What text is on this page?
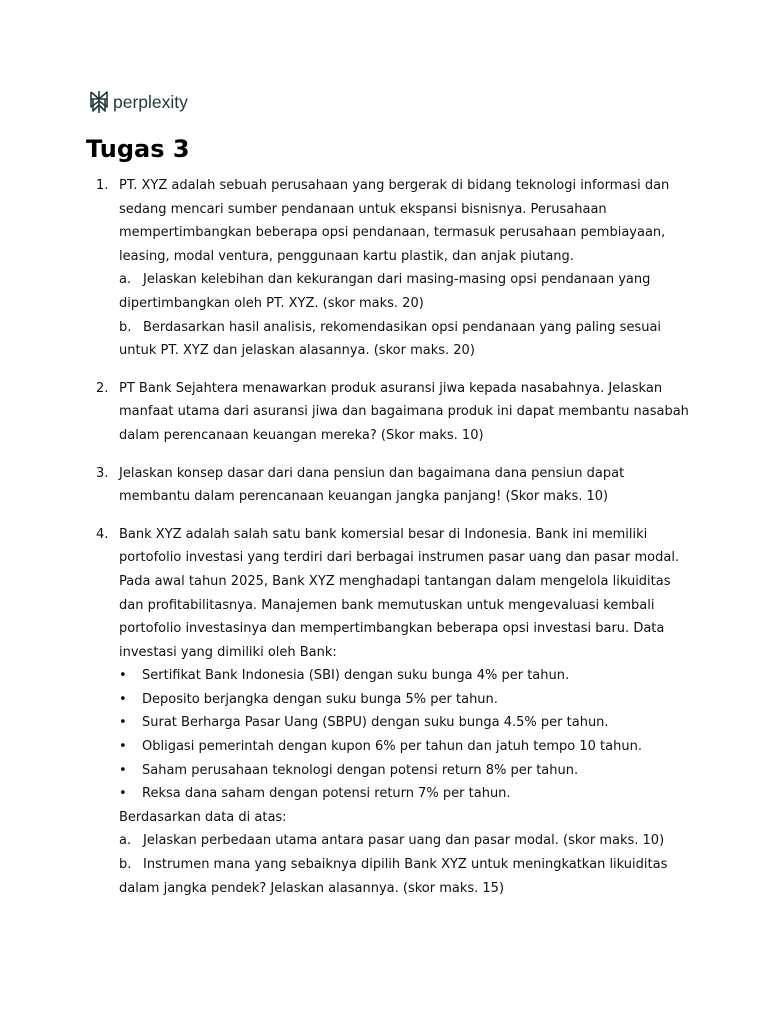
perplexity
Tugas 3
1. PT. XYZ adalah sebuah perusahaan yang bergerak di bidang teknologi informasi dan sedang mencari sumber pendanaan untuk ekspansi bisnisnya. Perusahaan mempertimbangkan beberapa opsi pendanaan, termasuk perusahaan pembiayaan, leasing, modal ventura, penggunaan kartu plastik, dan anjak piutang.
a. Jelaskan kelebihan dan kekurangan dari masing-masing opsi pendanaan yang dipertimbangkan oleh PT. XYZ. (skor maks. 20)
b. Berdasarkan hasil analisis, rekomendasikan opsi pendanaan yang paling sesuai untuk PT. XYZ dan jelaskan alasannya. (skor maks. 20)
2. PT Bank Sejahtera menawarkan produk asuransi jiwa kepada nasabahnya. Jelaskan manfaat utama dari asuransi jiwa dan bagaimana produk ini dapat membantu nasabah dalam perencanaan keuangan mereka? (Skor maks. 10)
3. Jelaskan konsep dasar dari dana pensiun dan bagaimana dana pensiun dapat membantu dalam perencanaan keuangan jangka panjang! (Skor maks. 10)
4. Bank XYZ adalah salah satu bank komersial besar di Indonesia. Bank ini memiliki portofolio investasi yang terdiri dari berbagai instrumen pasar uang dan pasar modal. Pada awal tahun 2025, Bank XYZ menghadapi tantangan dalam mengelola likuiditas dan profitabilitasnya. Manajemen bank memutuskan untuk mengevaluasi kembali portofolio investasinya dan mempertimbangkan beberapa opsi investasi baru. Data investasi yang dimiliki oleh Bank:
• Sertifikat Bank Indonesia (SBI) dengan suku bunga 4% per tahun.
• Deposito berjangka dengan suku bunga 5% per tahun.
• Surat Berharga Pasar Uang (SBPU) dengan suku bunga 4.5% per tahun.
• Obligasi pemerintah dengan kupon 6% per tahun dan jatuh tempo 10 tahun.
• Saham perusahaan teknologi dengan potensi return 8% per tahun.
• Reksa dana saham dengan potensi return 7% per tahun.
Berdasarkan data di atas:
a. Jelaskan perbedaan utama antara pasar uang dan pasar modal. (skor maks. 10)
b. Instrumen mana yang sebaiknya dipilih Bank XYZ untuk meningkatkan likuiditas dalam jangka pendek? Jelaskan alasannya. (skor maks. 15)
